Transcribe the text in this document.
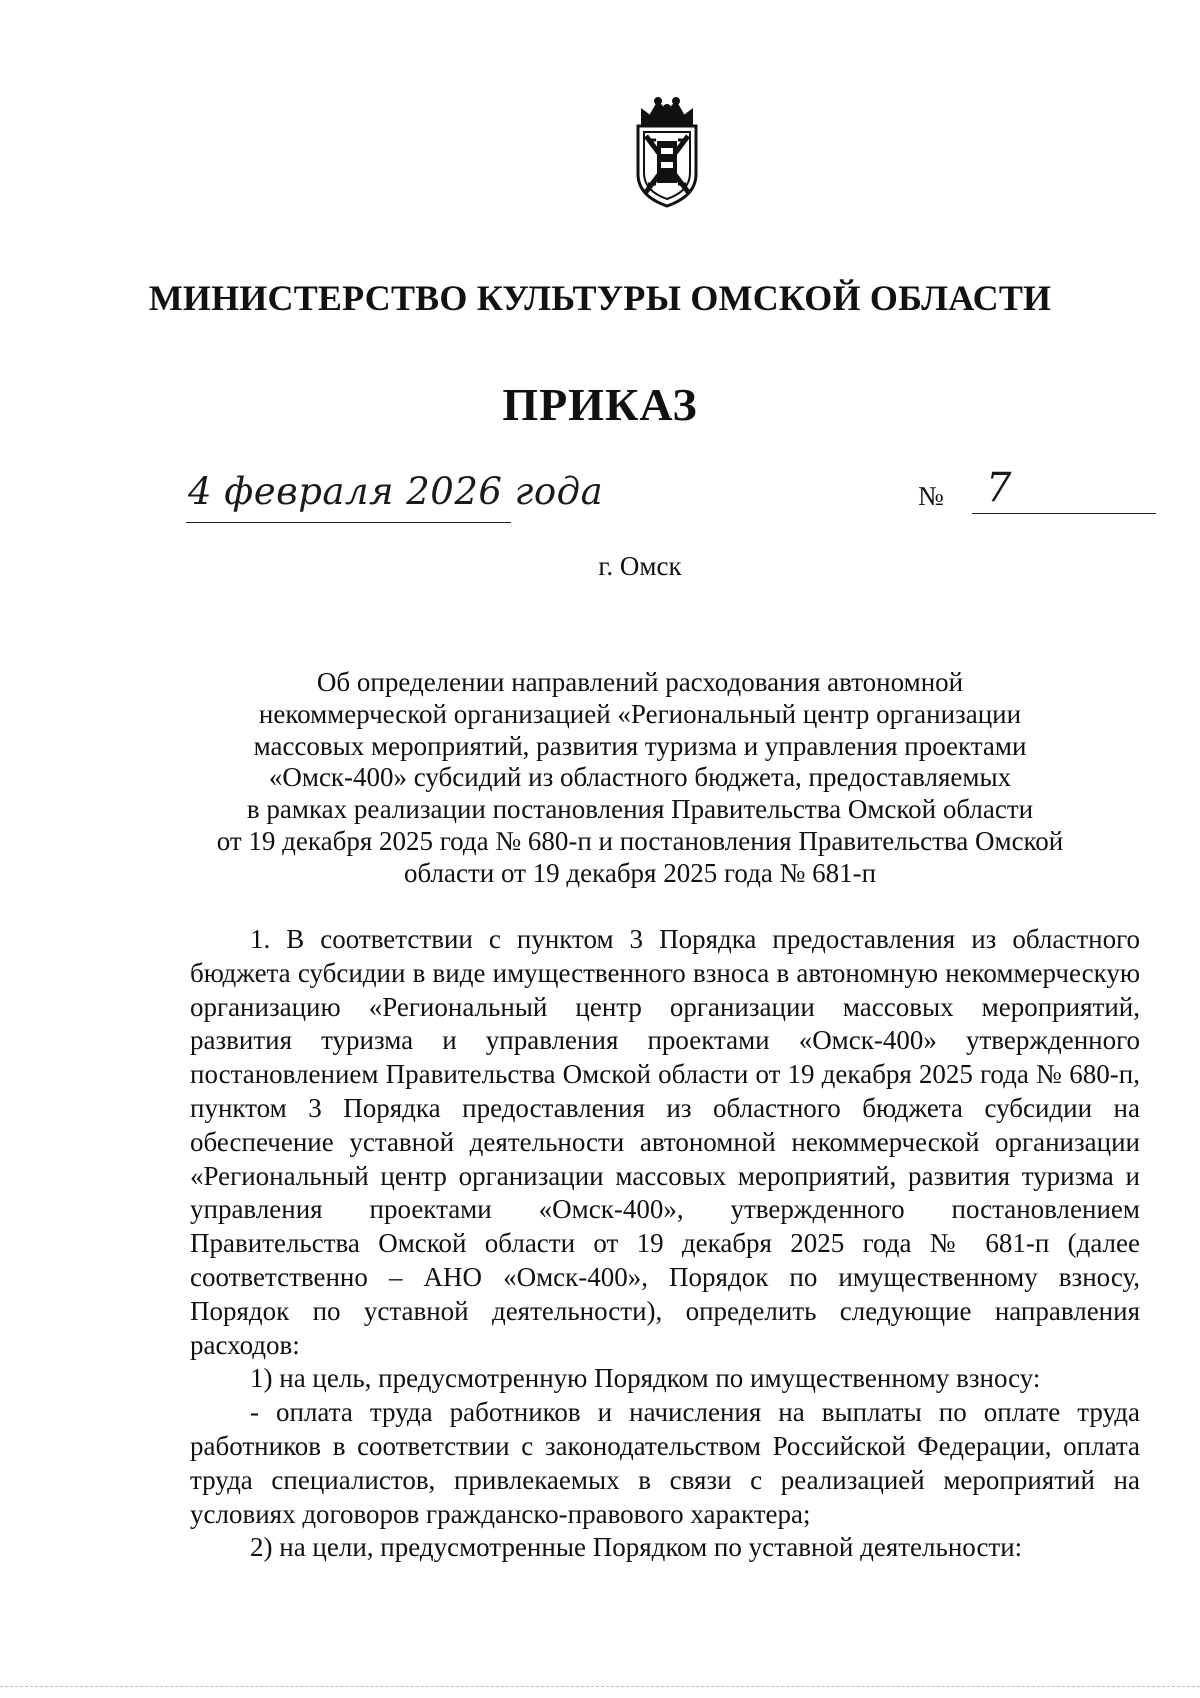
МИНИСТЕРСТВО КУЛЬТУРЫ ОМСКОЙ ОБЛАСТИ
ПРИКАЗ
4 февраля 2026 года	№ 7
г. Омск
Об определении направлений расходования автономной
некоммерческой организацией «Региональный центр организации
массовых мероприятий, развития туризма и управления проектами
«Омск-400» субсидий из областного бюджета, предоставляемых
в рамках реализации постановления Правительства Омской области
от 19 декабря 2025 года № 680-п и постановления Правительства Омской
области от 19 декабря 2025 года № 681-п

1. В соответствии с пунктом 3 Порядка предоставления из областного бюджета субсидии в виде имущественного взноса в автономную некоммерческую организацию «Региональный центр организации массовых мероприятий, развития туризма и управления проектами «Омск-400» утвержденного постановлением Правительства Омской области от 19 декабря 2025 года № 680-п, пунктом 3 Порядка предоставления из областного бюджета субсидии на обеспечение уставной деятельности автономной некоммерческой организации «Региональный центр организации массовых мероприятий, развития туризма и управления проектами «Омск-400», утвержденного постановлением Правительства Омской области от 19 декабря 2025 года № 681-п (далее соответственно – АНО «Омск-400», Порядок по имущественному взносу, Порядок по уставной деятельности), определить следующие направления расходов:

1) на цель, предусмотренную Порядком по имущественному взносу:

- оплата труда работников и начисления на выплаты по оплате труда работников в соответствии с законодательством Российской Федерации, оплата труда специалистов, привлекаемых в связи с реализацией мероприятий на условиях договоров гражданско-правового характера;

2) на цели, предусмотренные Порядком по уставной деятельности:
